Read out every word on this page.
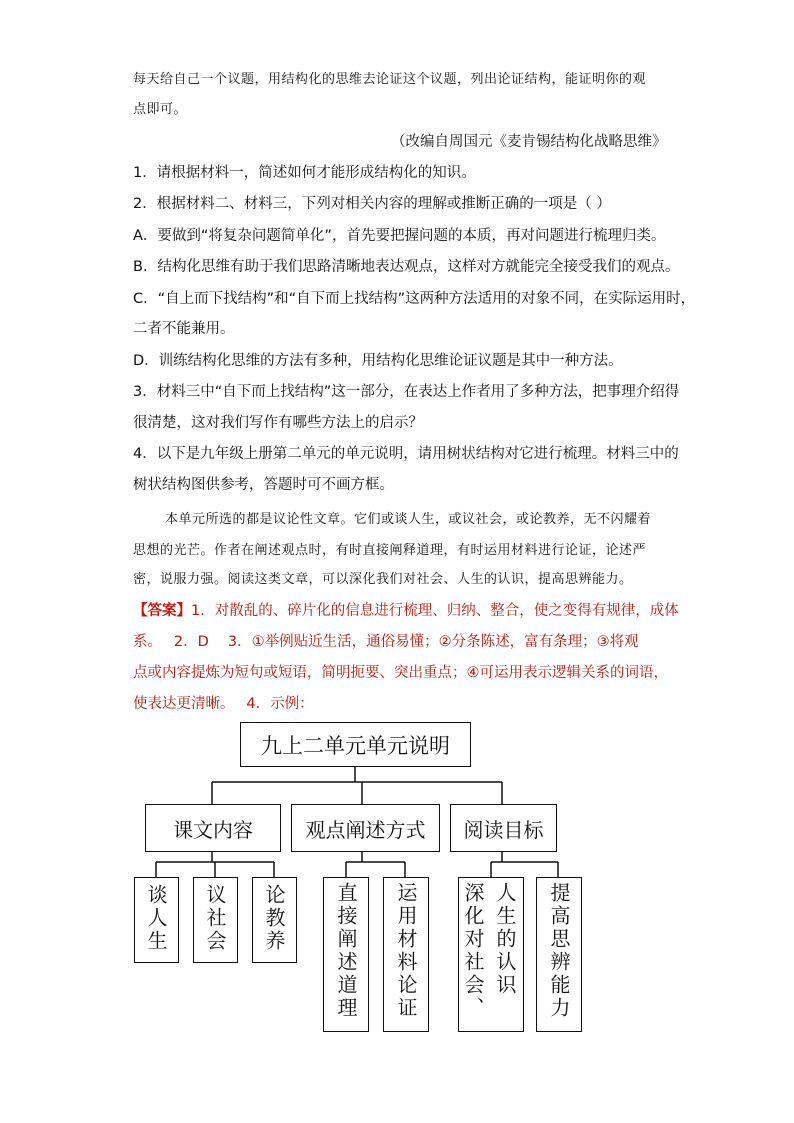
每天给自己一个议题，用结构化的思维去论证这个议题，列出论证结构，能证明你的观
点即可。
（改编自周国元《麦肯锡结构化战略思维》
1．请根据材料一，简述如何才能形成结构化的知识。
2．根据材料二、材料三，下列对相关内容的理解或推断正确的一项是（ ）
A．要做到“将复杂问题简单化”，首先要把握问题的本质，再对问题进行梳理归类。
B．结构化思维有助于我们思路清晰地表达观点，这样对方就能完全接受我们的观点。
C．“自上而下找结构”和“自下而上找结构”这两种方法适用的对象不同，在实际运用时，
二者不能兼用。
D．训练结构化思维的方法有多种，用结构化思维论证议题是其中一种方法。
3．材料三中“自下而上找结构”这一部分，在表达上作者用了多种方法，把事理介绍得
很清楚，这对我们写作有哪些方法上的启示？
4．以下是九年级上册第二单元的单元说明，请用树状结构对它进行梳理。材料三中的
树状结构图供参考，答题时可不画方框。
本单元所选的都是议论性文章。它们或谈人生，或议社会，或论教养，无不闪耀着
思想的光芒。作者在阐述观点时，有时直接阐释道理，有时运用材料进行论证，论述严
密，说服力强。阅读这类文章，可以深化我们对社会、人生的认识，提高思辨能力。
【答案】1．对散乱的、碎片化的信息进行梳理、归纳、整合，使之变得有规律，成体
系。　 2．D　 3．①举例贴近生活，通俗易懂；②分条陈述，富有条理；③将观
点或内容提炼为短句或短语，简明扼要、突出重点；④可运用表示逻辑关系的词语，
使表达更清晰。　 4．示例：
九上二单元单元说明
课文内容	观点阐述方式	阅读目标
谈人生 议社会 论教养 直接阐述道理 运用材料论证 深化对社会、 人生的认识 提高思辨能力
